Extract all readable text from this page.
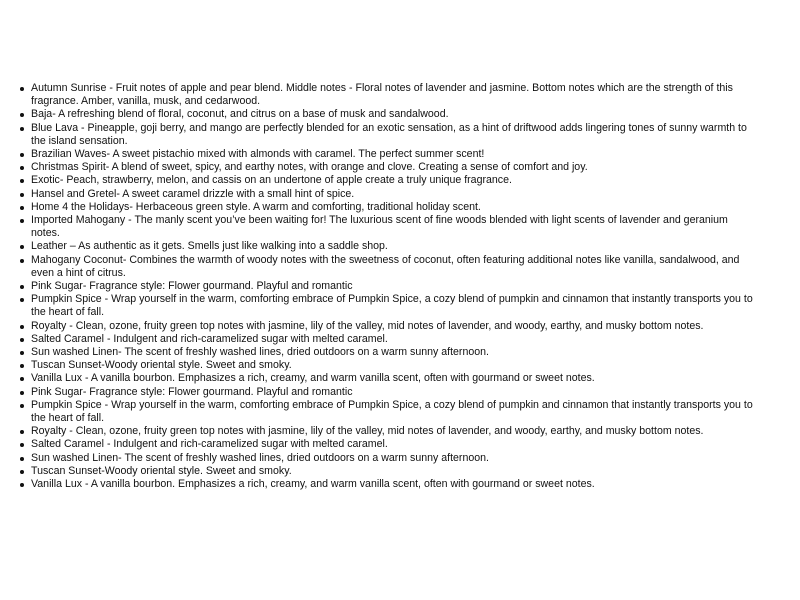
Autumn Sunrise - Fruit notes of apple and pear blend. Middle notes - Floral notes of lavender and jasmine. Bottom notes which are the strength of this fragrance. Amber, vanilla, musk, and cedarwood.
Baja- A refreshing blend of floral, coconut, and citrus on a base of musk and sandalwood.
Blue Lava - Pineapple, goji berry, and mango are perfectly blended for an exotic sensation, as a hint of driftwood adds lingering tones of sunny warmth to the island sensation.
Brazilian Waves- A sweet pistachio mixed with almonds with caramel. The perfect summer scent!
Christmas Spirit- A blend of sweet, spicy, and earthy notes, with orange and clove. Creating a sense of comfort and joy.
Exotic- Peach, strawberry, melon, and cassis on an undertone of apple create a truly unique fragrance.
Hansel and Gretel- A sweet caramel drizzle with a small hint of spice.
Home 4 the Holidays- Herbaceous green style. A warm and comforting, traditional holiday scent.
Imported Mahogany - The manly scent you’ve been waiting for! The luxurious scent of fine woods blended with light scents of lavender and geranium notes.
Leather – As authentic as it gets. Smells just like walking into a saddle shop.
Mahogany Coconut- Combines the warmth of woody notes with the sweetness of coconut, often featuring additional notes like vanilla, sandalwood, and even a hint of citrus.
Pink Sugar- Fragrance style: Flower gourmand. Playful and romantic
Pumpkin Spice - Wrap yourself in the warm, comforting embrace of Pumpkin Spice, a cozy blend of pumpkin and cinnamon that instantly transports you to the heart of fall.
Royalty - Clean, ozone, fruity green top notes with jasmine, lily of the valley, mid notes of lavender, and woody, earthy, and musky bottom notes.
Salted Caramel - Indulgent and rich-caramelized sugar with melted caramel.
Sun washed Linen- The scent of freshly washed lines, dried outdoors on a warm sunny afternoon.
Tuscan Sunset-Woody oriental style. Sweet and smoky.
Vanilla Lux - A vanilla bourbon. Emphasizes a rich, creamy, and warm vanilla scent, often with gourmand or sweet notes.
Pink Sugar- Fragrance style: Flower gourmand. Playful and romantic
Pumpkin Spice - Wrap yourself in the warm, comforting embrace of Pumpkin Spice, a cozy blend of pumpkin and cinnamon that instantly transports you to the heart of fall.
Royalty - Clean, ozone, fruity green top notes with jasmine, lily of the valley, mid notes of lavender, and woody, earthy, and musky bottom notes.
Salted Caramel - Indulgent and rich-caramelized sugar with melted caramel.
Sun washed Linen- The scent of freshly washed lines, dried outdoors on a warm sunny afternoon.
Tuscan Sunset-Woody oriental style. Sweet and smoky.
Vanilla Lux - A vanilla bourbon. Emphasizes a rich, creamy, and warm vanilla scent, often with gourmand or sweet notes.
